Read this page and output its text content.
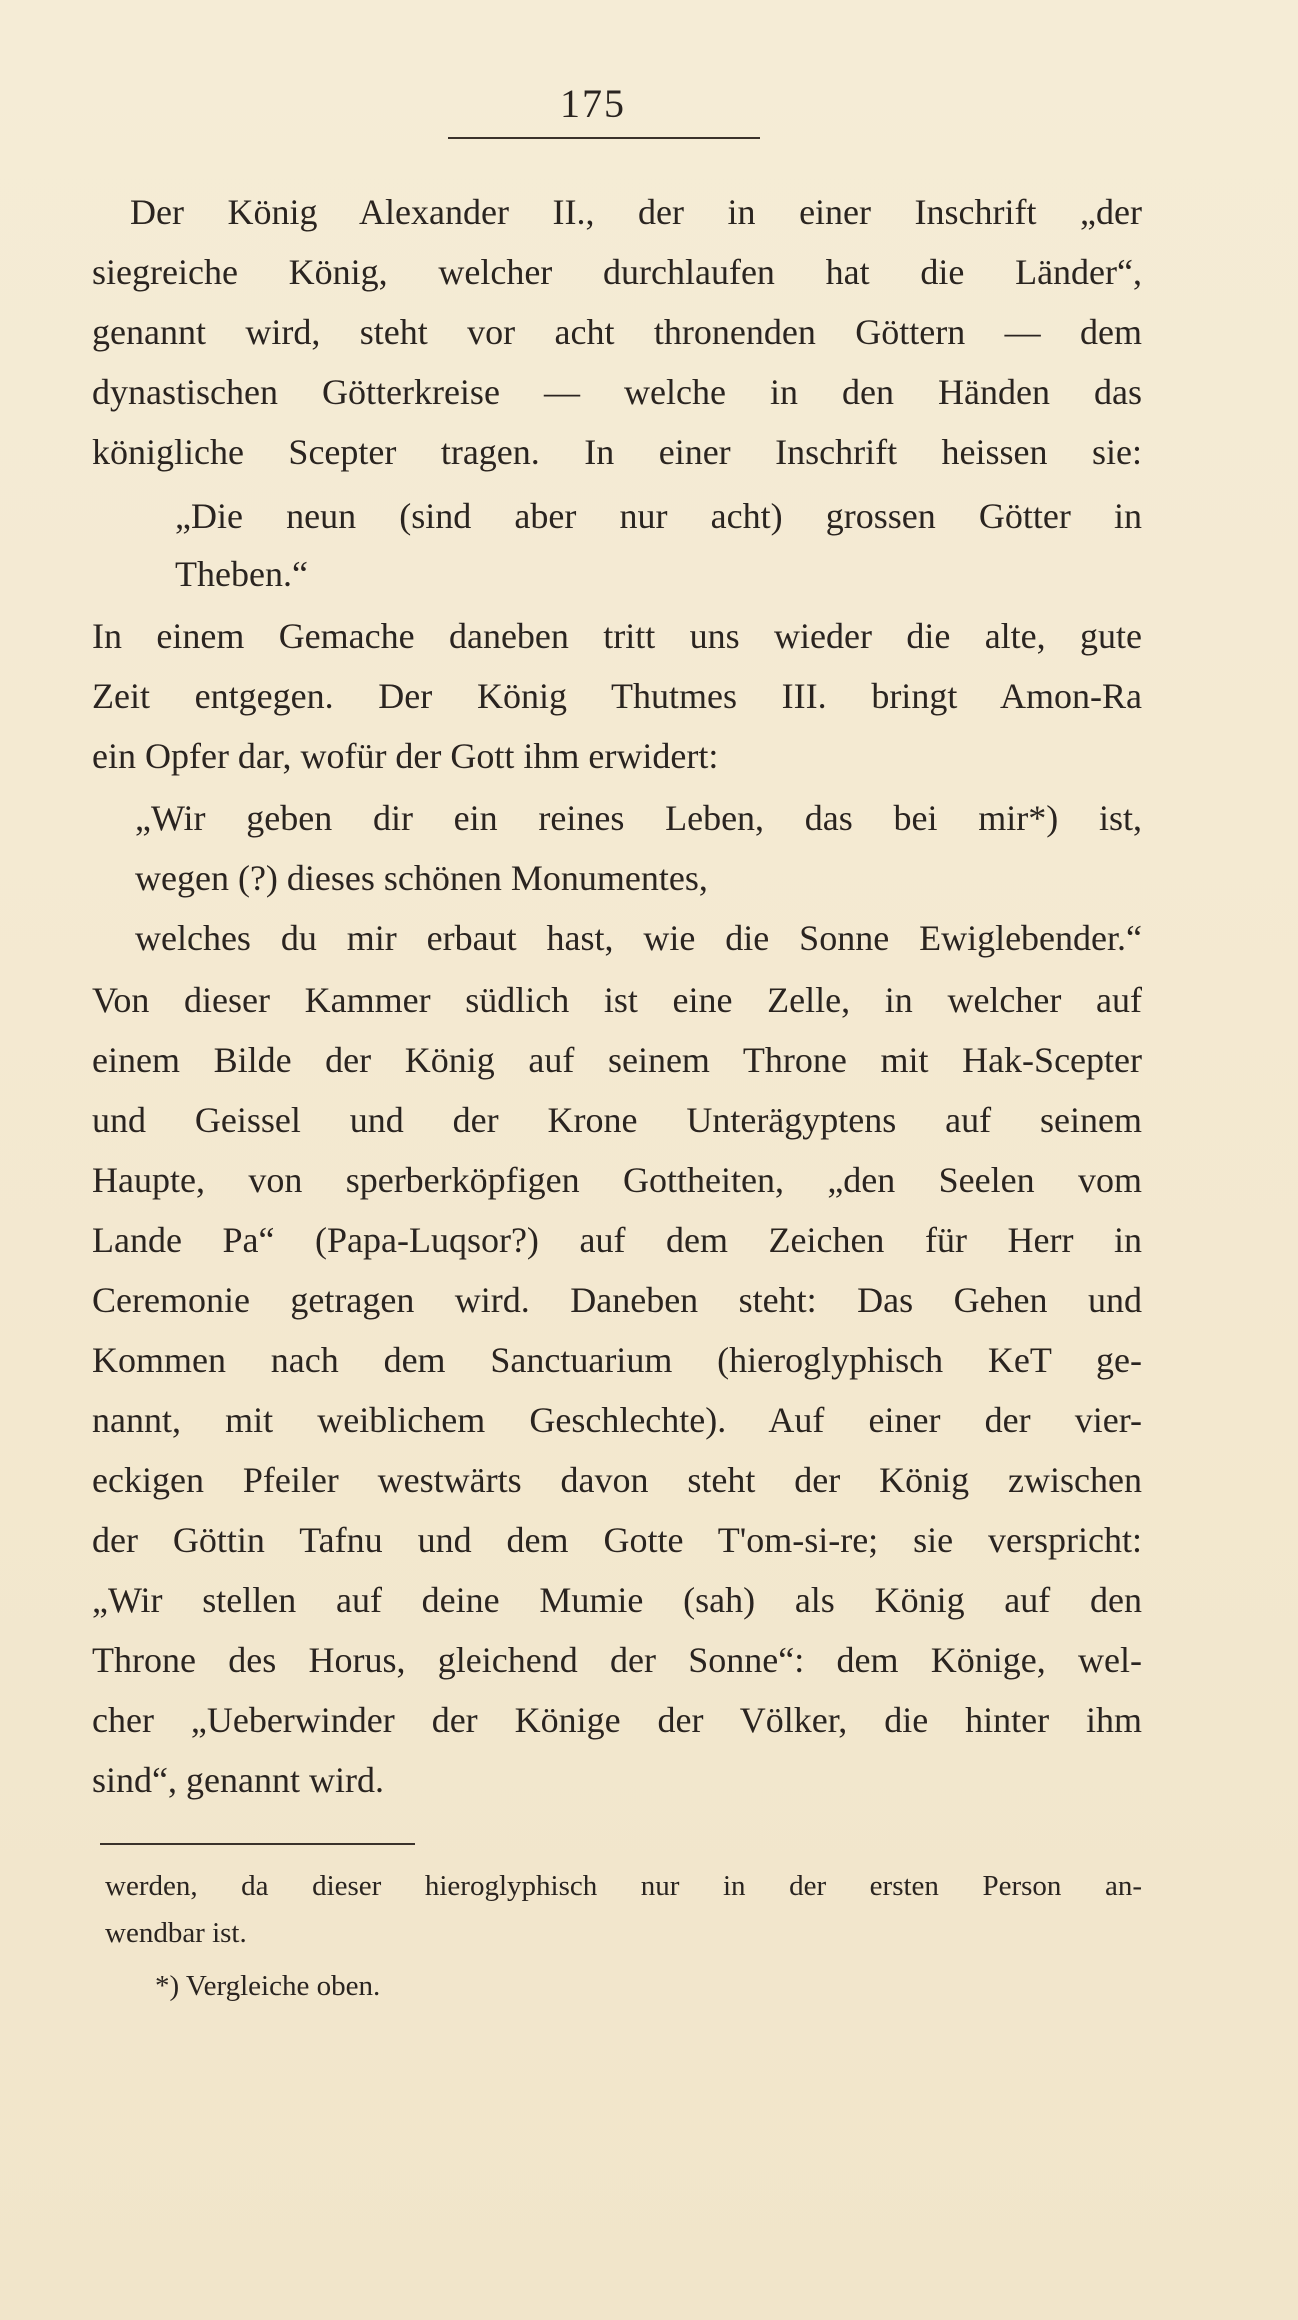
175
Der König Alexander II., der in einer Inschrift „der
siegreiche König, welcher durchlaufen hat die Länder“,
genannt wird, steht vor acht thronenden Göttern — dem
dynastischen Götterkreise — welche in den Händen das
königliche Scepter tragen. In einer Inschrift heissen sie:
„Die neun (sind aber nur acht) grossen Götter in
Theben.“
In einem Gemache daneben tritt uns wieder die alte, gute
Zeit entgegen. Der König Thutmes III. bringt Amon-Ra
ein Opfer dar, wofür der Gott ihm erwidert:
„Wir geben dir ein reines Leben, das bei mir*) ist,
wegen (?) dieses schönen Monumentes,
welches du mir erbaut hast, wie die Sonne Ewiglebender.“
Von dieser Kammer südlich ist eine Zelle, in welcher auf
einem Bilde der König auf seinem Throne mit Hak-Scepter
und Geissel und der Krone Unterägyptens auf seinem
Haupte, von sperberköpfigen Gottheiten, „den Seelen vom
Lande Pa“ (Papa-Luqsor?) auf dem Zeichen für Herr in
Ceremonie getragen wird. Daneben steht: Das Gehen und
Kommen nach dem Sanctuarium (hieroglyphisch KeT ge-
nannt, mit weiblichem Geschlechte). Auf einer der vier-
eckigen Pfeiler westwärts davon steht der König zwischen
der Göttin Tafnu und dem Gotte T'om-si-re; sie verspricht:
„Wir stellen auf deine Mumie (sah) als König auf den
Throne des Horus, gleichend der Sonne“: dem Könige, wel-
cher „Ueberwinder der Könige der Völker, die hinter ihm
sind“, genannt wird.
werden, da dieser hieroglyphisch nur in der ersten Person an-
wendbar ist.
*) Vergleiche oben.
